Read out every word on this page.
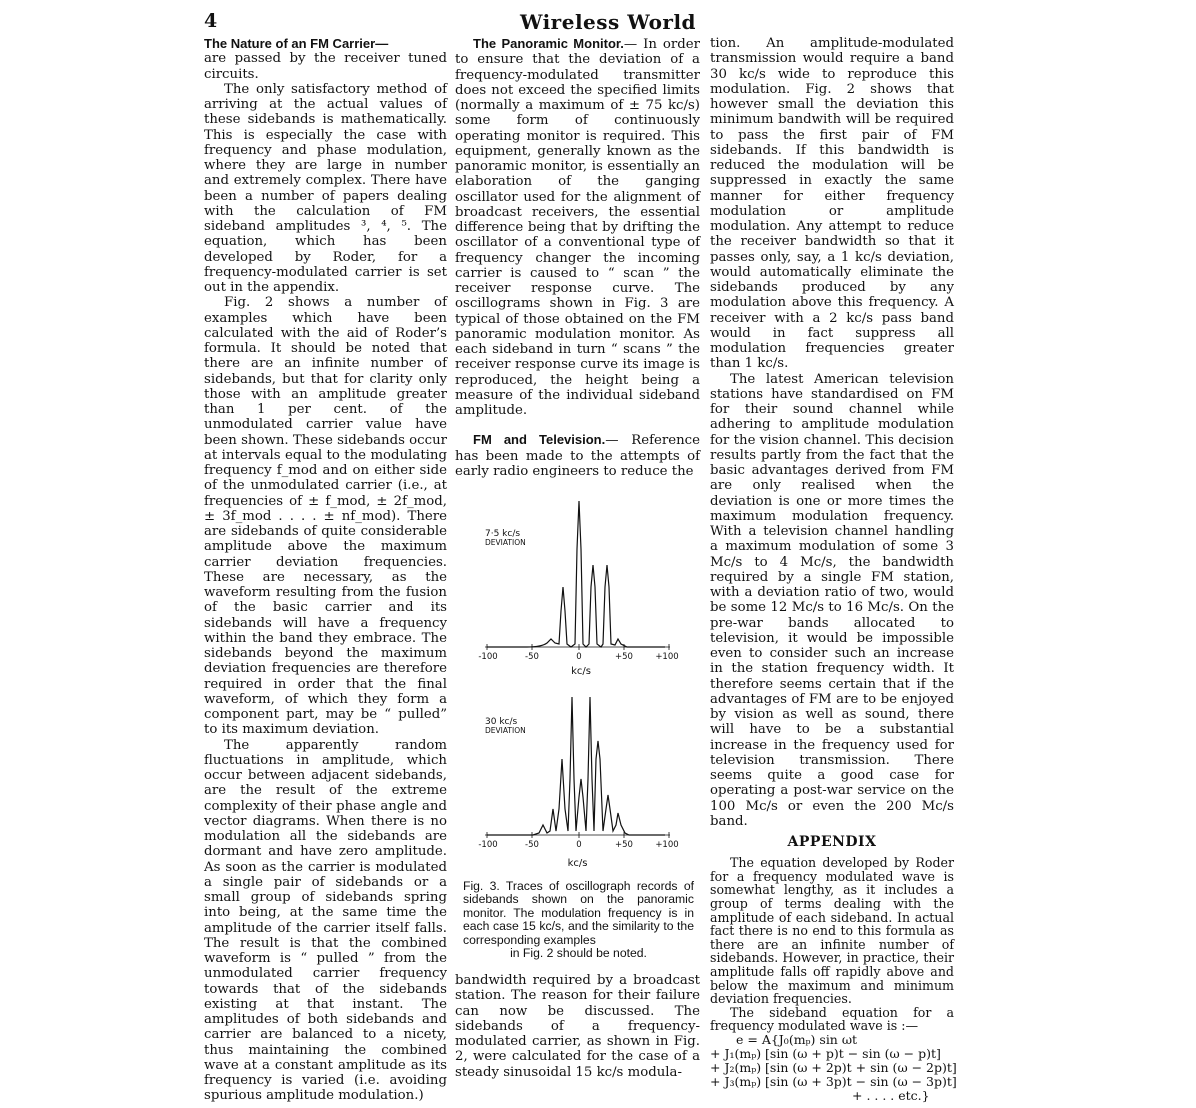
4	Wireless World

The Nature of an FM Carrier—

are passed by the receiver tuned circuits.

The only satisfactory method of arriving at the actual values of these sidebands is mathematically. This is especially the case with frequency and phase modulation, where they are large in number and extremely complex. There have been a number of papers dealing with the calculation of FM sideband amplitudes ³, ⁴, ⁵. The equation, which has been developed by Roder, for a frequency-modulated carrier is set out in the appendix.

Fig. 2 shows a number of examples which have been calculated with the aid of Roder’s formula. It should be noted that there are an infinite number of sidebands, but that for clarity only those with an amplitude greater than 1 per cent. of the unmodulated carrier value have been shown. These sidebands occur at intervals equal to the modulating frequency f_mod and on either side of the unmodulated carrier (i.e., at frequencies of ± f_mod, ± 2f_mod, ± 3f_mod . . . . ± nf_mod). There are sidebands of quite considerable amplitude above the maximum carrier deviation frequencies. These are necessary, as the waveform resulting from the fusion of the basic carrier and its sidebands will have a frequency within the band they embrace. The sidebands beyond the maximum deviation frequencies are therefore required in order that the final waveform, of which they form a component part, may be “ pulled” to its maximum deviation.

The apparently random fluctuations in amplitude, which occur between adjacent sidebands, are the result of the extreme complexity of their phase angle and vector diagrams. When there is no modulation all the sidebands are dormant and have zero amplitude. As soon as the carrier is modulated a single pair of sidebands or a small group of sidebands spring into being, at the same time the amplitude of the carrier itself falls. The result is that the combined waveform is “ pulled ” from the unmodulated carrier frequency towards that of the sidebands existing at that instant. The amplitudes of both sidebands and carrier are balanced to a nicety, thus maintaining the combined wave at a constant amplitude as its frequency is varied (i.e. avoiding spurious amplitude modulation.)

The Panoramic Monitor.— In order to ensure that the deviation of a frequency-modulated transmitter does not exceed the specified limits (normally a maximum of ± 75 kc/s) some form of continuously operating monitor is required. This equipment, generally known as the panoramic monitor, is essentially an elaboration of the ganging oscillator used for the alignment of broadcast receivers, the essential difference being that by drifting the oscillator of a conventional type of frequency changer the incoming carrier is caused to “ scan ” the receiver response curve. The oscillograms shown in Fig. 3 are typical of those obtained on the FM panoramic modulation monitor. As each sideband in turn “ scans ” the receiver response curve its image is reproduced, the height being a measure of the individual sideband amplitude.

FM and Television.— Reference has been made to the attempts of early radio engineers to reduce the

7·5 kc/s
DEVIATION
30 kc/s
DEVIATION
-100	-50	0	+50	+100
kc/s
-100	-50	0	+50	+100
kc/s
Fig. 3. Traces of oscillograph records of sidebands shown on the panoramic monitor. The modulation frequency is in each case 15 kc/s, and the similarity to the corresponding examples
in Fig. 2 should be noted.

bandwidth required by a broadcast station. The reason for their failure can now be discussed. The sidebands of a frequency-modulated carrier, as shown in Fig. 2, were calculated for the case of a steady sinusoidal 15 kc/s modula-

tion. An amplitude-modulated transmission would require a band 30 kc/s wide to reproduce this modulation. Fig. 2 shows that however small the deviation this minimum bandwith will be required to pass the first pair of FM sidebands. If this bandwidth is reduced the modulation will be suppressed in exactly the same manner for either frequency modulation or amplitude modulation. Any attempt to reduce the receiver bandwidth so that it passes only, say, a 1 kc/s deviation, would automatically eliminate the sidebands produced by any modulation above this frequency. A receiver with a 2 kc/s pass band would in fact suppress all modulation frequencies greater than 1 kc/s.

The latest American television stations have standardised on FM for their sound channel while adhering to amplitude modulation for the vision channel. This decision results partly from the fact that the basic advantages derived from FM are only realised when the deviation is one or more times the maximum modulation frequency. With a television channel handling a maximum modulation of some 3 Mc/s to 4 Mc/s, the bandwidth required by a single FM station, with a deviation ratio of two, would be some 12 Mc/s to 16 Mc/s. On the pre-war bands allocated to television, it would be impossible even to consider such an increase in the station frequency width. It therefore seems certain that if the advantages of FM are to be enjoyed by vision as well as sound, there will have to be a substantial increase in the frequency used for television transmission. There seems quite a good case for operating a post-war service on the 100 Mc/s or even the 200 Mc/s band.

APPENDIX

The equation developed by Roder for a frequency modulated wave is somewhat lengthy, as it includes a group of terms dealing with the amplitude of each sideband. In actual fact there is no end to this formula as there are an infinite number of sidebands. However, in practice, their amplitude falls off rapidly above and below the maximum and minimum deviation frequencies.

The sideband equation for a frequency modulated wave is :—

e = A{J₀(mₚ) sin ωt
+ J₁(mₚ) [sin (ω + p)t − sin (ω − p)t]
+ J₂(mₚ) [sin (ω + 2p)t + sin (ω − 2p)t]
+ J₃(mₚ) [sin (ω + 3p)t − sin (ω − 3p)t]
+ . . . . etc.}
